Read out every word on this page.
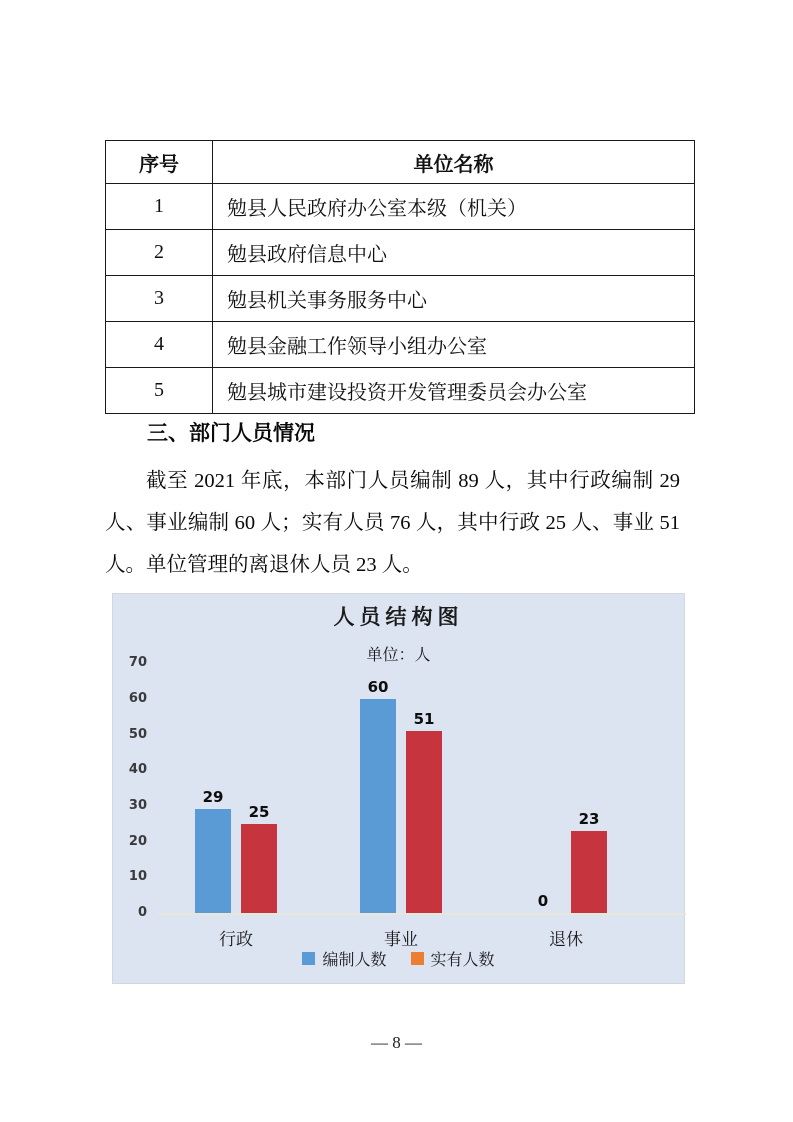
序号	单位名称
1	勉县人民政府办公室本级（机关）
2	勉县政府信息中心
3	勉县机关事务服务中心
4	勉县金融工作领导小组办公室
5	勉县城市建设投资开发管理委员会办公室
三、部门人员情况

截至 2021 年底，本部门人员编制 89 人，其中行政编制 29 人、事业编制 60 人；实有人员 76 人，其中行政 25 人、事业 51 人。单位管理的离退休人员 23 人。

人员结构图
单位：人
0
10
20
30
40
50
60
70
29
25
行政
60
51
事业
0
23
退休
编制人数	实有人数
— 8 —
